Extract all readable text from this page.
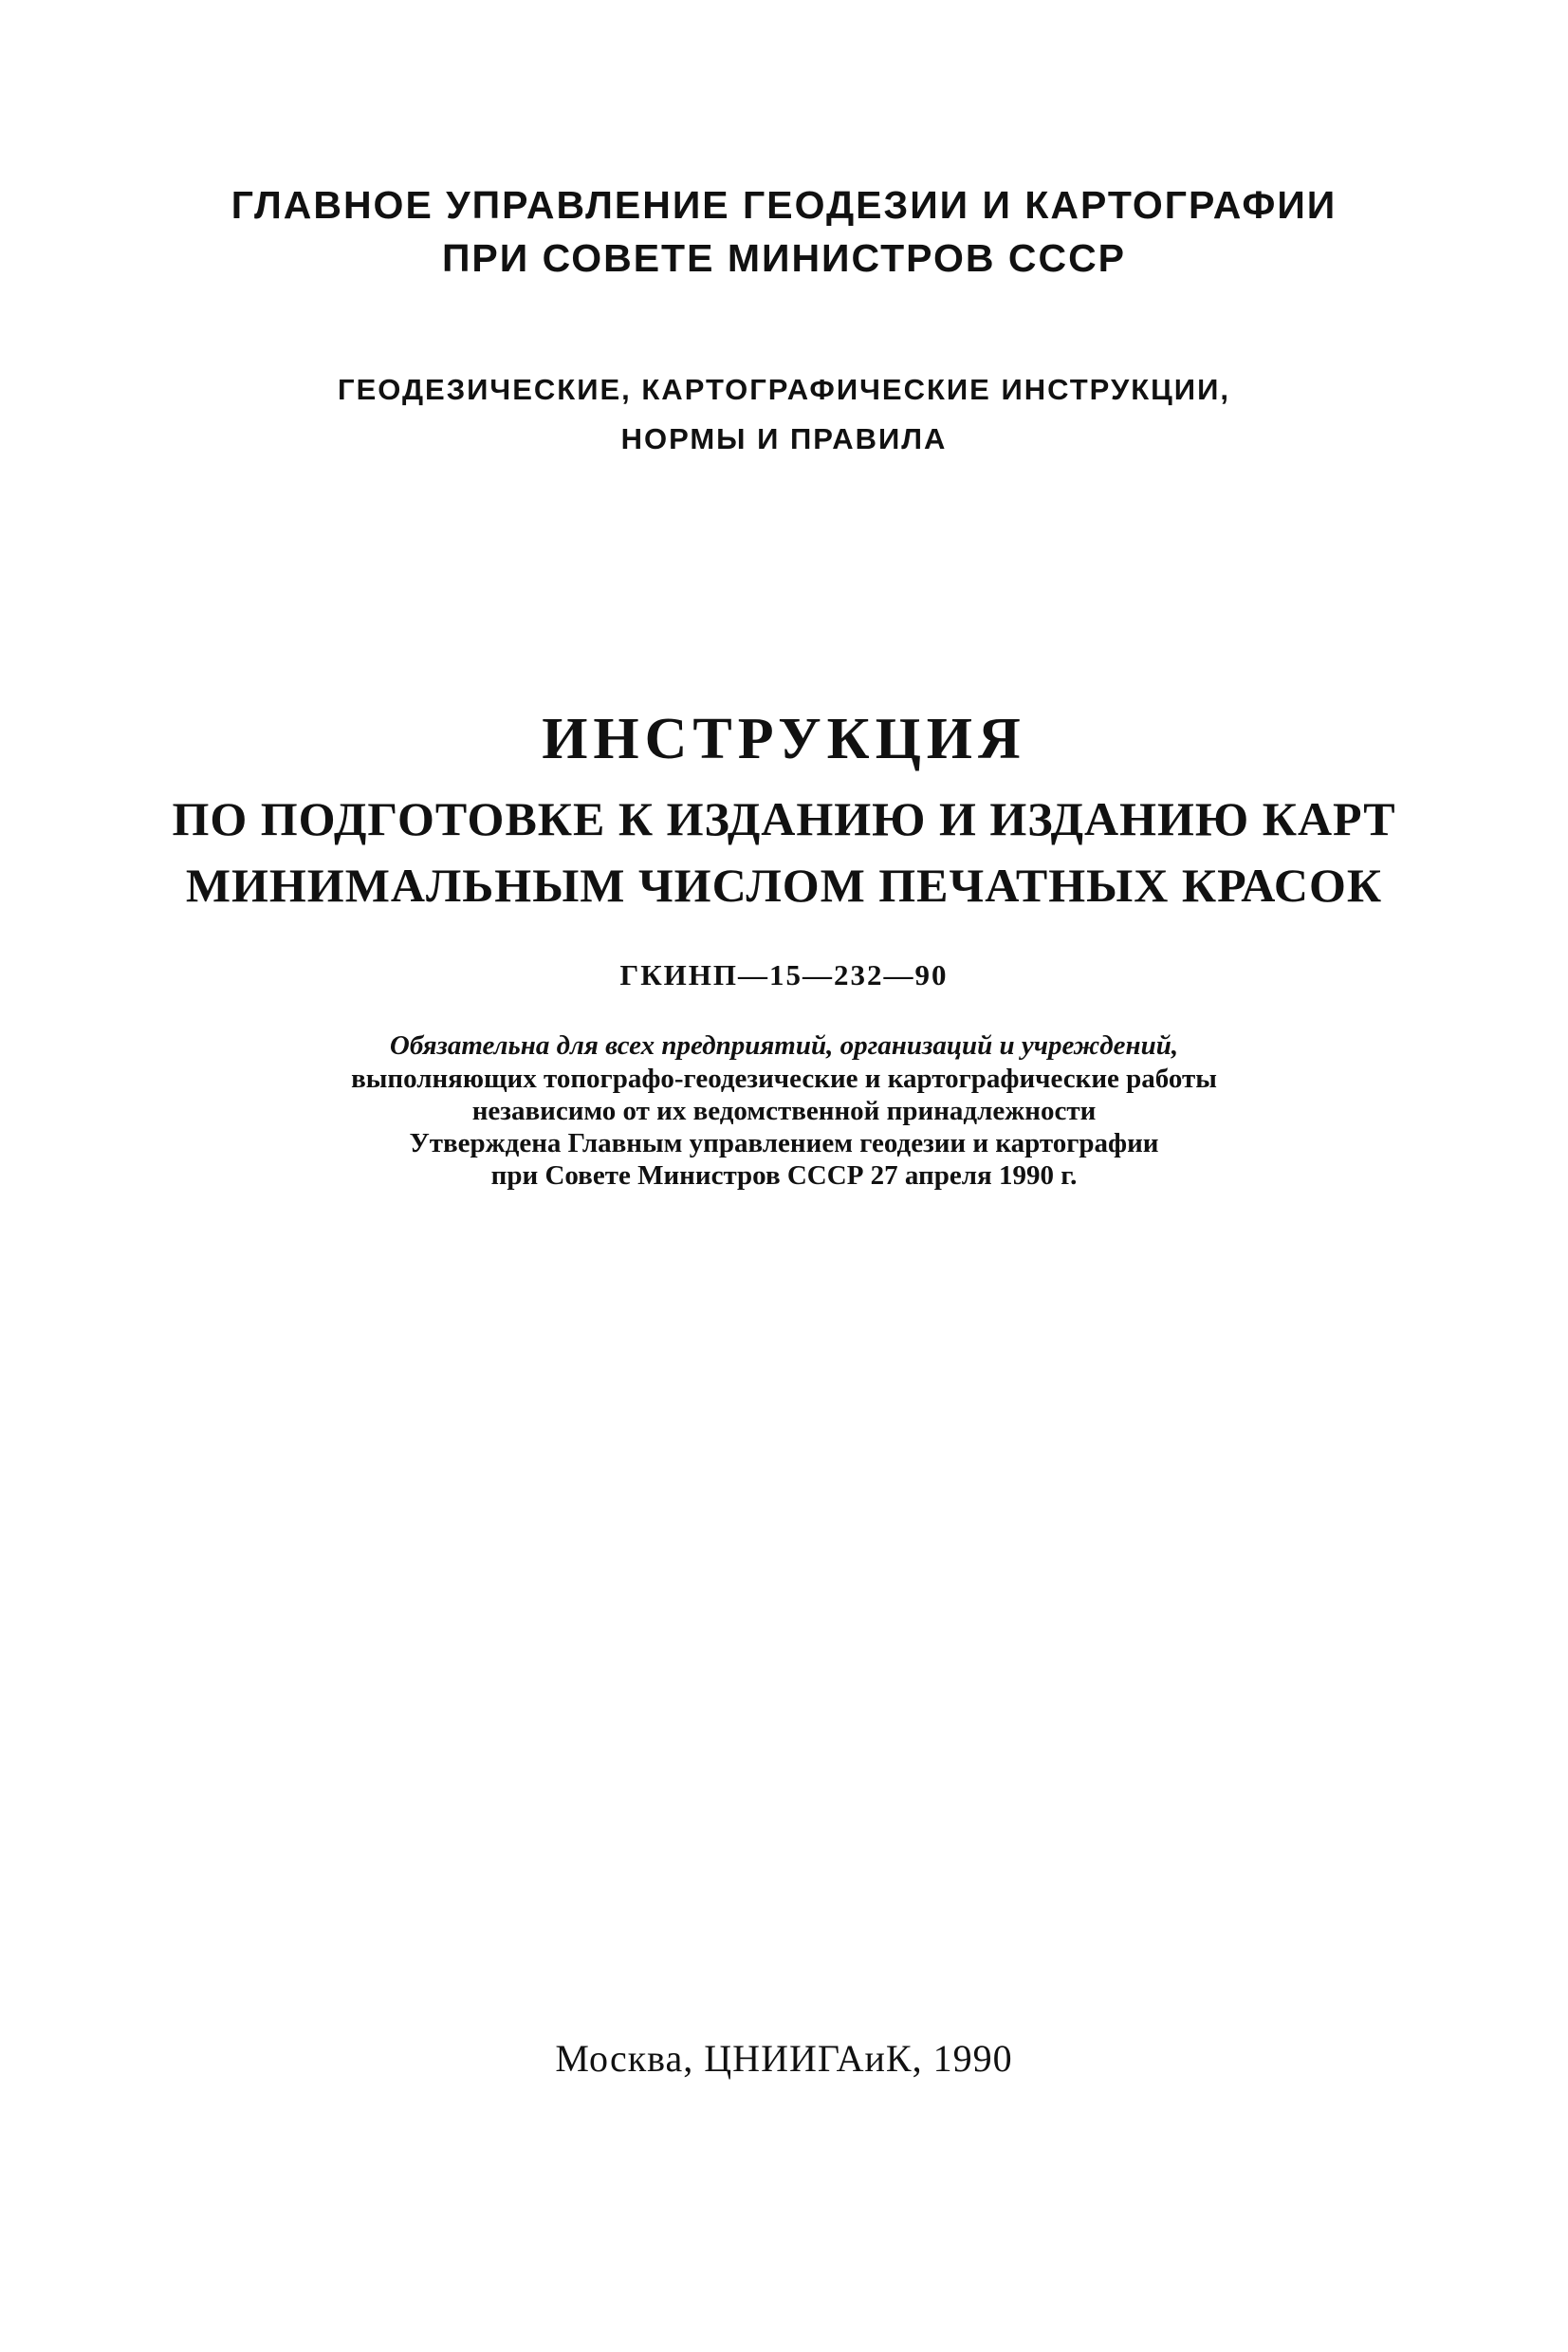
ГЛАВНОЕ УПРАВЛЕНИЕ ГЕОДЕЗИИ И КАРТОГРАФИИ
ПРИ СОВЕТЕ МИНИСТРОВ СССР
ГЕОДЕЗИЧЕСКИЕ, КАРТОГРАФИЧЕСКИЕ ИНСТРУКЦИИ,
НОРМЫ И ПРАВИЛА
ИНСТРУКЦИЯ
ПО ПОДГОТОВКЕ К ИЗДАНИЮ И ИЗДАНИЮ КАРТ
МИНИМАЛЬНЫМ ЧИСЛОМ ПЕЧАТНЫХ КРАСОК
ГКИНП—15—232—90
Обязательна для всех предприятий, организаций и учреждений,
выполняющих топографо-геодезические и картографические работы
независимо от их ведомственной принадлежности
Утверждена Главным управлением геодезии и картографии
при Совете Министров СССР 27 апреля 1990 г.
Москва, ЦНИИГАиК, 1990
